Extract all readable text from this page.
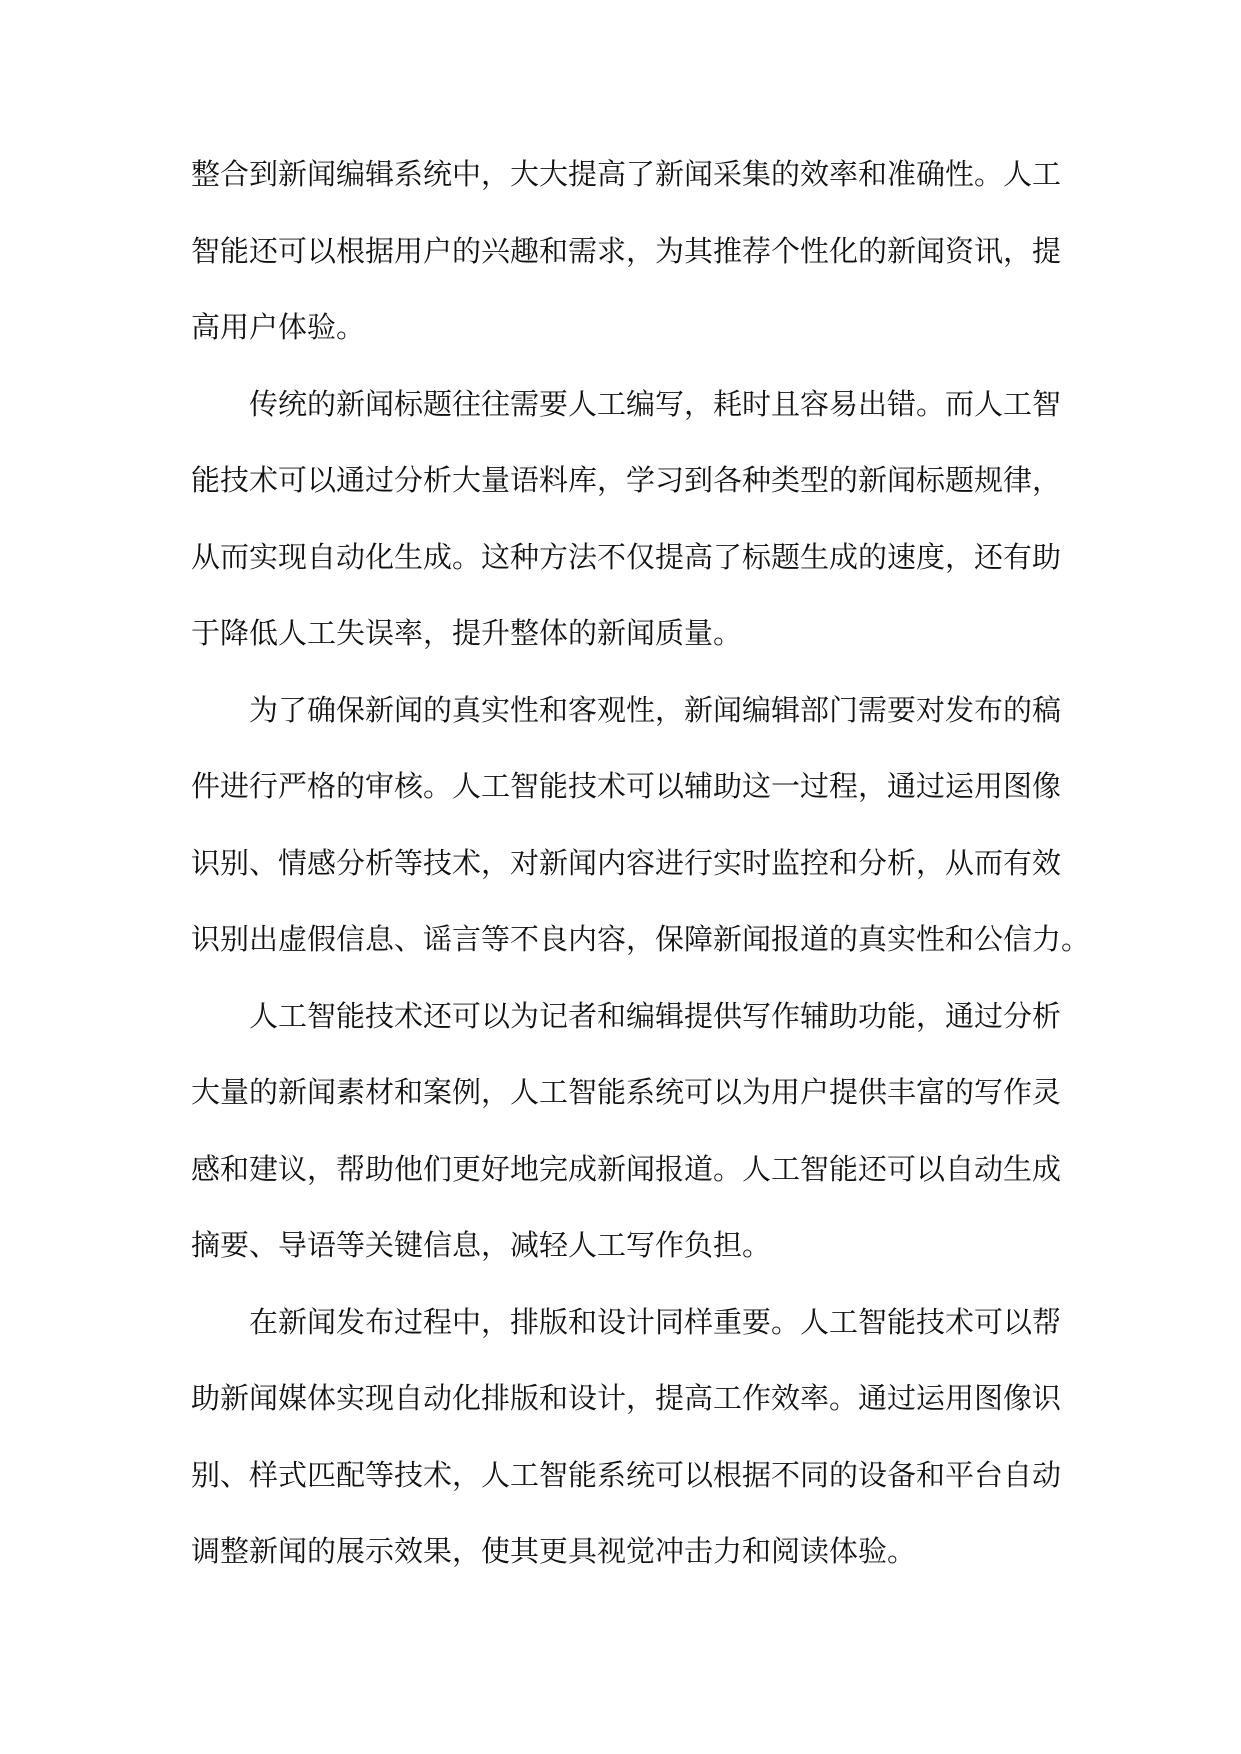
整合到新闻编辑系统中，大大提高了新闻采集的效率和准确性。人工
智能还可以根据用户的兴趣和需求，为其推荐个性化的新闻资讯，提
高用户体验。
传统的新闻标题往往需要人工编写，耗时且容易出错。而人工智
能技术可以通过分析大量语料库，学习到各种类型的新闻标题规律，
从而实现自动化生成。这种方法不仅提高了标题生成的速度，还有助
于降低人工失误率，提升整体的新闻质量。
为了确保新闻的真实性和客观性，新闻编辑部门需要对发布的稿
件进行严格的审核。人工智能技术可以辅助这一过程，通过运用图像
识别、情感分析等技术，对新闻内容进行实时监控和分析，从而有效
识别出虚假信息、谣言等不良内容，保障新闻报道的真实性和公信力。
人工智能技术还可以为记者和编辑提供写作辅助功能，通过分析
大量的新闻素材和案例，人工智能系统可以为用户提供丰富的写作灵
感和建议，帮助他们更好地完成新闻报道。人工智能还可以自动生成
摘要、导语等关键信息，减轻人工写作负担。
在新闻发布过程中，排版和设计同样重要。人工智能技术可以帮
助新闻媒体实现自动化排版和设计，提高工作效率。通过运用图像识
别、样式匹配等技术，人工智能系统可以根据不同的设备和平台自动
调整新闻的展示效果，使其更具视觉冲击力和阅读体验。
